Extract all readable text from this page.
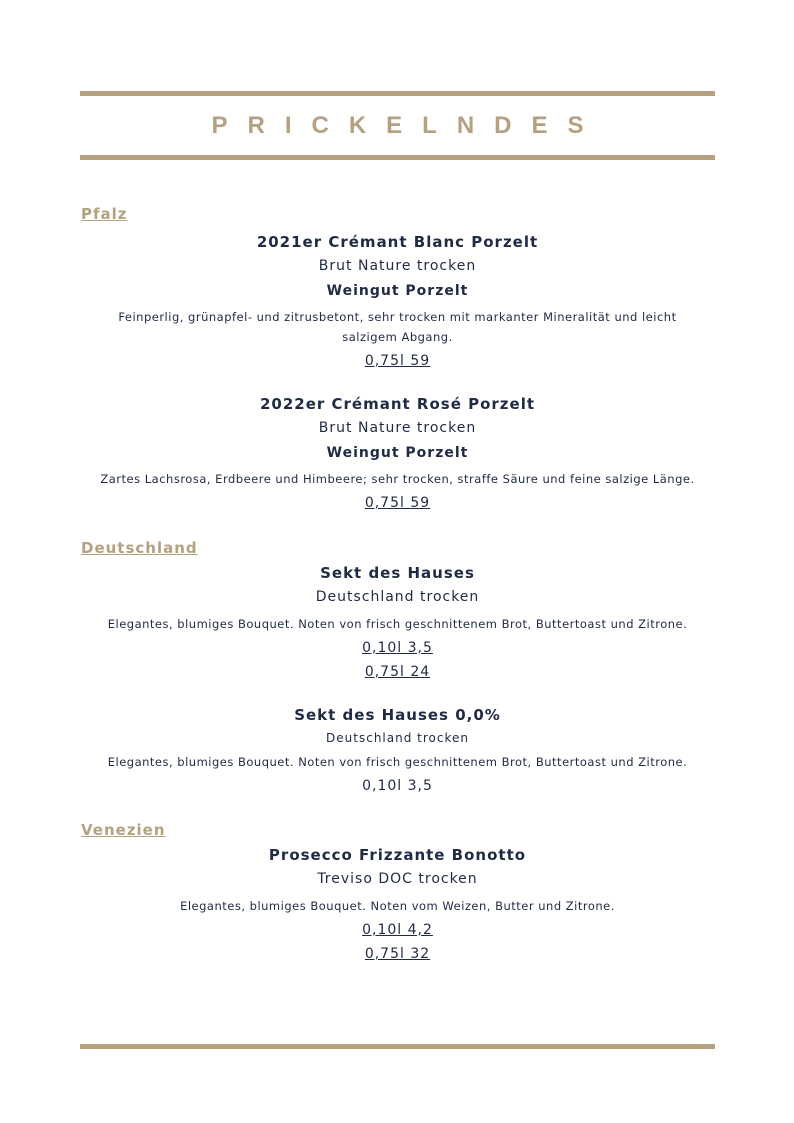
PRICKELNDES
Pfalz
2021er Crémant Blanc Porzelt
Brut Nature trocken
Weingut Porzelt
Feinperlig, grünapfel- und zitrusbetont, sehr trocken mit markanter Mineralität und leicht salzigem Abgang.
0,75l 59
2022er Crémant Rosé Porzelt
Brut Nature trocken
Weingut Porzelt
Zartes Lachsrosa, Erdbeere und Himbeere; sehr trocken, straffe Säure und feine salzige Länge.
0,75l 59
Deutschland
Sekt des Hauses
Deutschland trocken
Elegantes, blumiges Bouquet. Noten von frisch geschnittenem Brot, Buttertoast und Zitrone.
0,10l 3,5
0,75l 24
Sekt des Hauses 0,0%
Deutschland trocken
Elegantes, blumiges Bouquet. Noten von frisch geschnittenem Brot, Buttertoast und Zitrone.
0,10l 3,5
Venezien
Prosecco Frizzante Bonotto
Treviso DOC trocken
Elegantes, blumiges Bouquet. Noten vom Weizen, Butter und Zitrone.
0,10l 4,2
0,75l 32
